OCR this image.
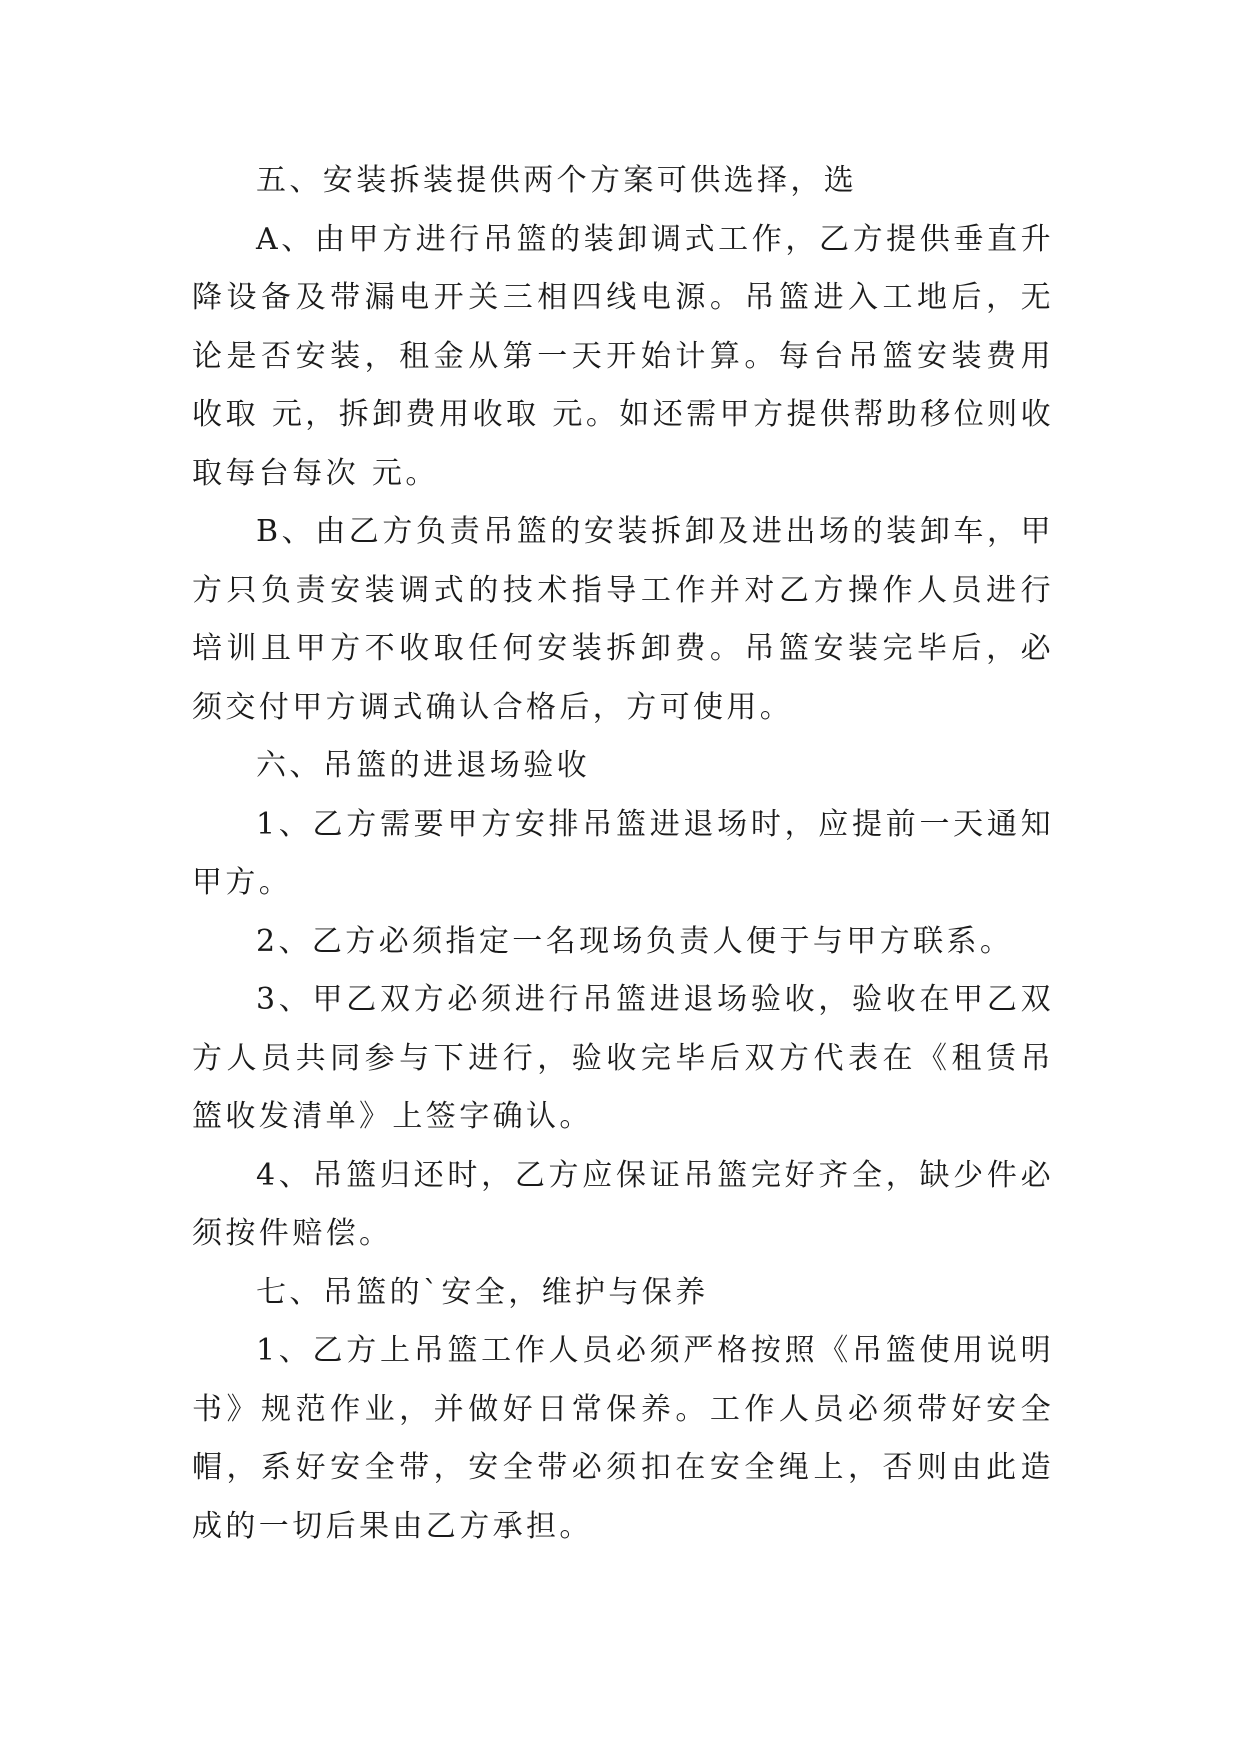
五、安装拆装提供两个方案可供选择，选

A、由甲方进行吊篮的装卸调式工作，乙方提供垂直升降设备及带漏电开关三相四线电源。吊篮进入工地后，无论是否安装，租金从第一天开始计算。每台吊篮安装费用收取 元，拆卸费用收取 元。如还需甲方提供帮助移位则收取每台每次 元。

B、由乙方负责吊篮的安装拆卸及进出场的装卸车，甲方只负责安装调式的技术指导工作并对乙方操作人员进行培训且甲方不收取任何安装拆卸费。吊篮安装完毕后，必须交付甲方调式确认合格后，方可使用。

六、吊篮的进退场验收

1、乙方需要甲方安排吊篮进退场时，应提前一天通知甲方。

2、乙方必须指定一名现场负责人便于与甲方联系。

3、甲乙双方必须进行吊篮进退场验收，验收在甲乙双方人员共同参与下进行，验收完毕后双方代表在《租赁吊篮收发清单》上签字确认。

4、吊篮归还时，乙方应保证吊篮完好齐全，缺少件必须按件赔偿。

七、吊篮的`安全，维护与保养

1、乙方上吊篮工作人员必须严格按照《吊篮使用说明书》规范作业，并做好日常保养。工作人员必须带好安全帽，系好安全带，安全带必须扣在安全绳上，否则由此造成的一切后果由乙方承担。
